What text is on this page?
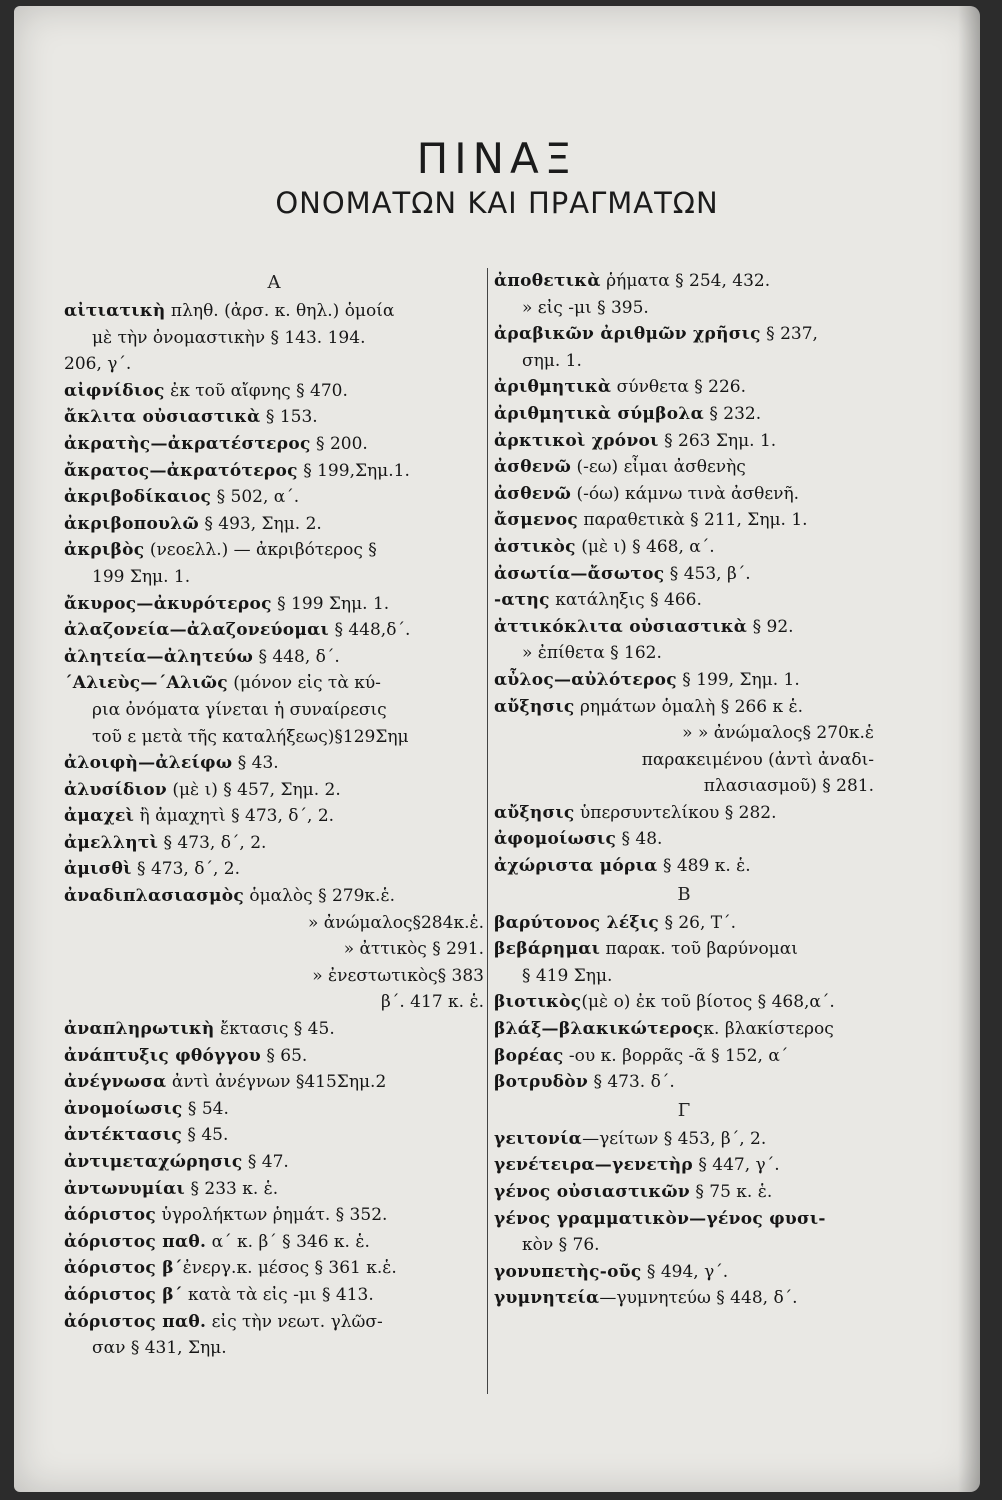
ΠΙΝΑΞ
ΟΝΟΜΑΤΩΝ ΚΑΙ ΠΡΑΓΜΑΤΩΝ
Α
αἰτιατικὴ πληθ. (ἀρσ. κ. θηλ.) ὁμοία
μὲ τὴν ὀνομαστικὴν § 143. 194.
206, γ΄.
αἰφνίδιος ἐκ τοῦ αἴφνης § 470.
ἄκλιτα οὐσιαστικὰ § 153.
ἀκρατὴς—ἀκρατέστερος § 200.
ἄκρατος—ἀκρατότερος § 199,Σημ.1.
ἀκριβοδίκαιος § 502, α΄.
ἀκριβοπουλῶ § 493, Σημ. 2.
ἀκριβὸς (νεοελλ.) — ἀκριβότερος §
199 Σημ. 1.
ἄκυρος—ἀκυρότερος § 199 Σημ. 1.
ἀλαζονεία—ἀλαζονεύομαι § 448,δ΄.
ἀλητεία—ἀλητεύω § 448, δ΄.
΄Αλιεὺς—΄Αλιῶς (μόνον εἰς τὰ κύ-
ρια ὀνόματα γίνεται ἡ συναίρεσις
τοῦ ε μετὰ τῆς καταλήξεως)§129Σημ
ἀλοιφὴ—ἀλείφω § 43.
ἀλυσίδιον (μὲ ι) § 457, Σημ. 2.
ἀμαχεὶ ἢ ἀμαχητὶ § 473, δ΄, 2.
ἀμελλητὶ § 473, δ΄, 2.
ἀμισθὶ § 473, δ΄, 2.
ἀναδιπλασιασμὸς ὁμαλὸς § 279κ.ἑ.
» ἀνώμαλος§284κ.ἑ.
» ἀττικὸς § 291.
» ἐνεστωτικὸς§ 383
β΄. 417 κ. ἑ.
ἀναπληρωτικὴ ἔκτασις § 45.
ἀνάπτυξις φθόγγου § 65.
ἀνέγνωσα ἀντὶ ἀνέγνων §415Σημ.2
ἀνομοίωσις § 54.
ἀντέκτασις § 45.
ἀντιμεταχώρησις § 47.
ἀντωνυμίαι § 233 κ. ἑ.
ἀόριστος ὑγρολήκτων ῥημάτ. § 352.
ἀόριστος παθ. α΄ κ. β΄ § 346 κ. ἑ.
ἀόριστος β΄ἐνεργ.κ. μέσος § 361 κ.ἑ.
ἀόριστος β΄ κατὰ τὰ εἰς -μι § 413.
ἀόριστος παθ. εἰς τὴν νεωτ. γλῶσ-
σαν § 431, Σημ.
ἀποθετικὰ ῥήματα § 254, 432.
» εἰς -μι § 395.
ἀραβικῶν ἀριθμῶν χρῆσις § 237,
σημ. 1.
ἀριθμητικὰ σύνθετα § 226.
ἀριθμητικὰ σύμβολα § 232.
ἀρκτικοὶ χρόνοι § 263 Σημ. 1.
ἀσθενῶ (-εω) εἶμαι ἀσθενὴς
ἀσθενῶ (-όω) κάμνω τινὰ ἀσθενῆ.
ἄσμενος παραθετικὰ § 211, Σημ. 1.
ἀστικὸς (μὲ ι) § 468, α΄.
ἀσωτία—ἄσωτος § 453, β΄.
-ατης κατάληξις § 466.
ἀττικόκλιτα οὐσιαστικὰ § 92.
» ἐπίθετα § 162.
αὖλος—αὐλότερος § 199, Σημ. 1.
αὔξησις ρημάτων ὁμαλὴ § 266 κ ἑ.
» » ἀνώμαλος§ 270κ.ἑ
παρακειμένου (ἀντὶ ἀναδι-
πλασιασμοῦ) § 281.
αὔξησις ὑπερσυντελίκου § 282.
ἀφομοίωσις § 48.
ἀχώριστα μόρια § 489 κ. ἑ.
Β
βαρύτονος λέξις § 26, Τ΄.
βεβάρημαι παρακ. τοῦ βαρύνομαι
§ 419 Σημ.
βιοτικὸς(μὲ ο) ἐκ τοῦ βίοτος § 468,α΄.
βλάξ—βλακικώτεροςκ. βλακίστερος
βορέας -ου κ. βορρᾶς -ᾶ § 152, α΄
βοτρυδὸν § 473. δ΄.
Γ
γειτονία—γείτων § 453, β΄, 2.
γενέτειρα—γενετὴρ § 447, γ΄.
γένος οὐσιαστικῶν § 75 κ. ἑ.
γένος γραμματικὸν—γένος φυσι-
κὸν § 76.
γονυπετὴς-οῦς § 494, γ΄.
γυμνητεία—γυμνητεύω § 448, δ΄.
